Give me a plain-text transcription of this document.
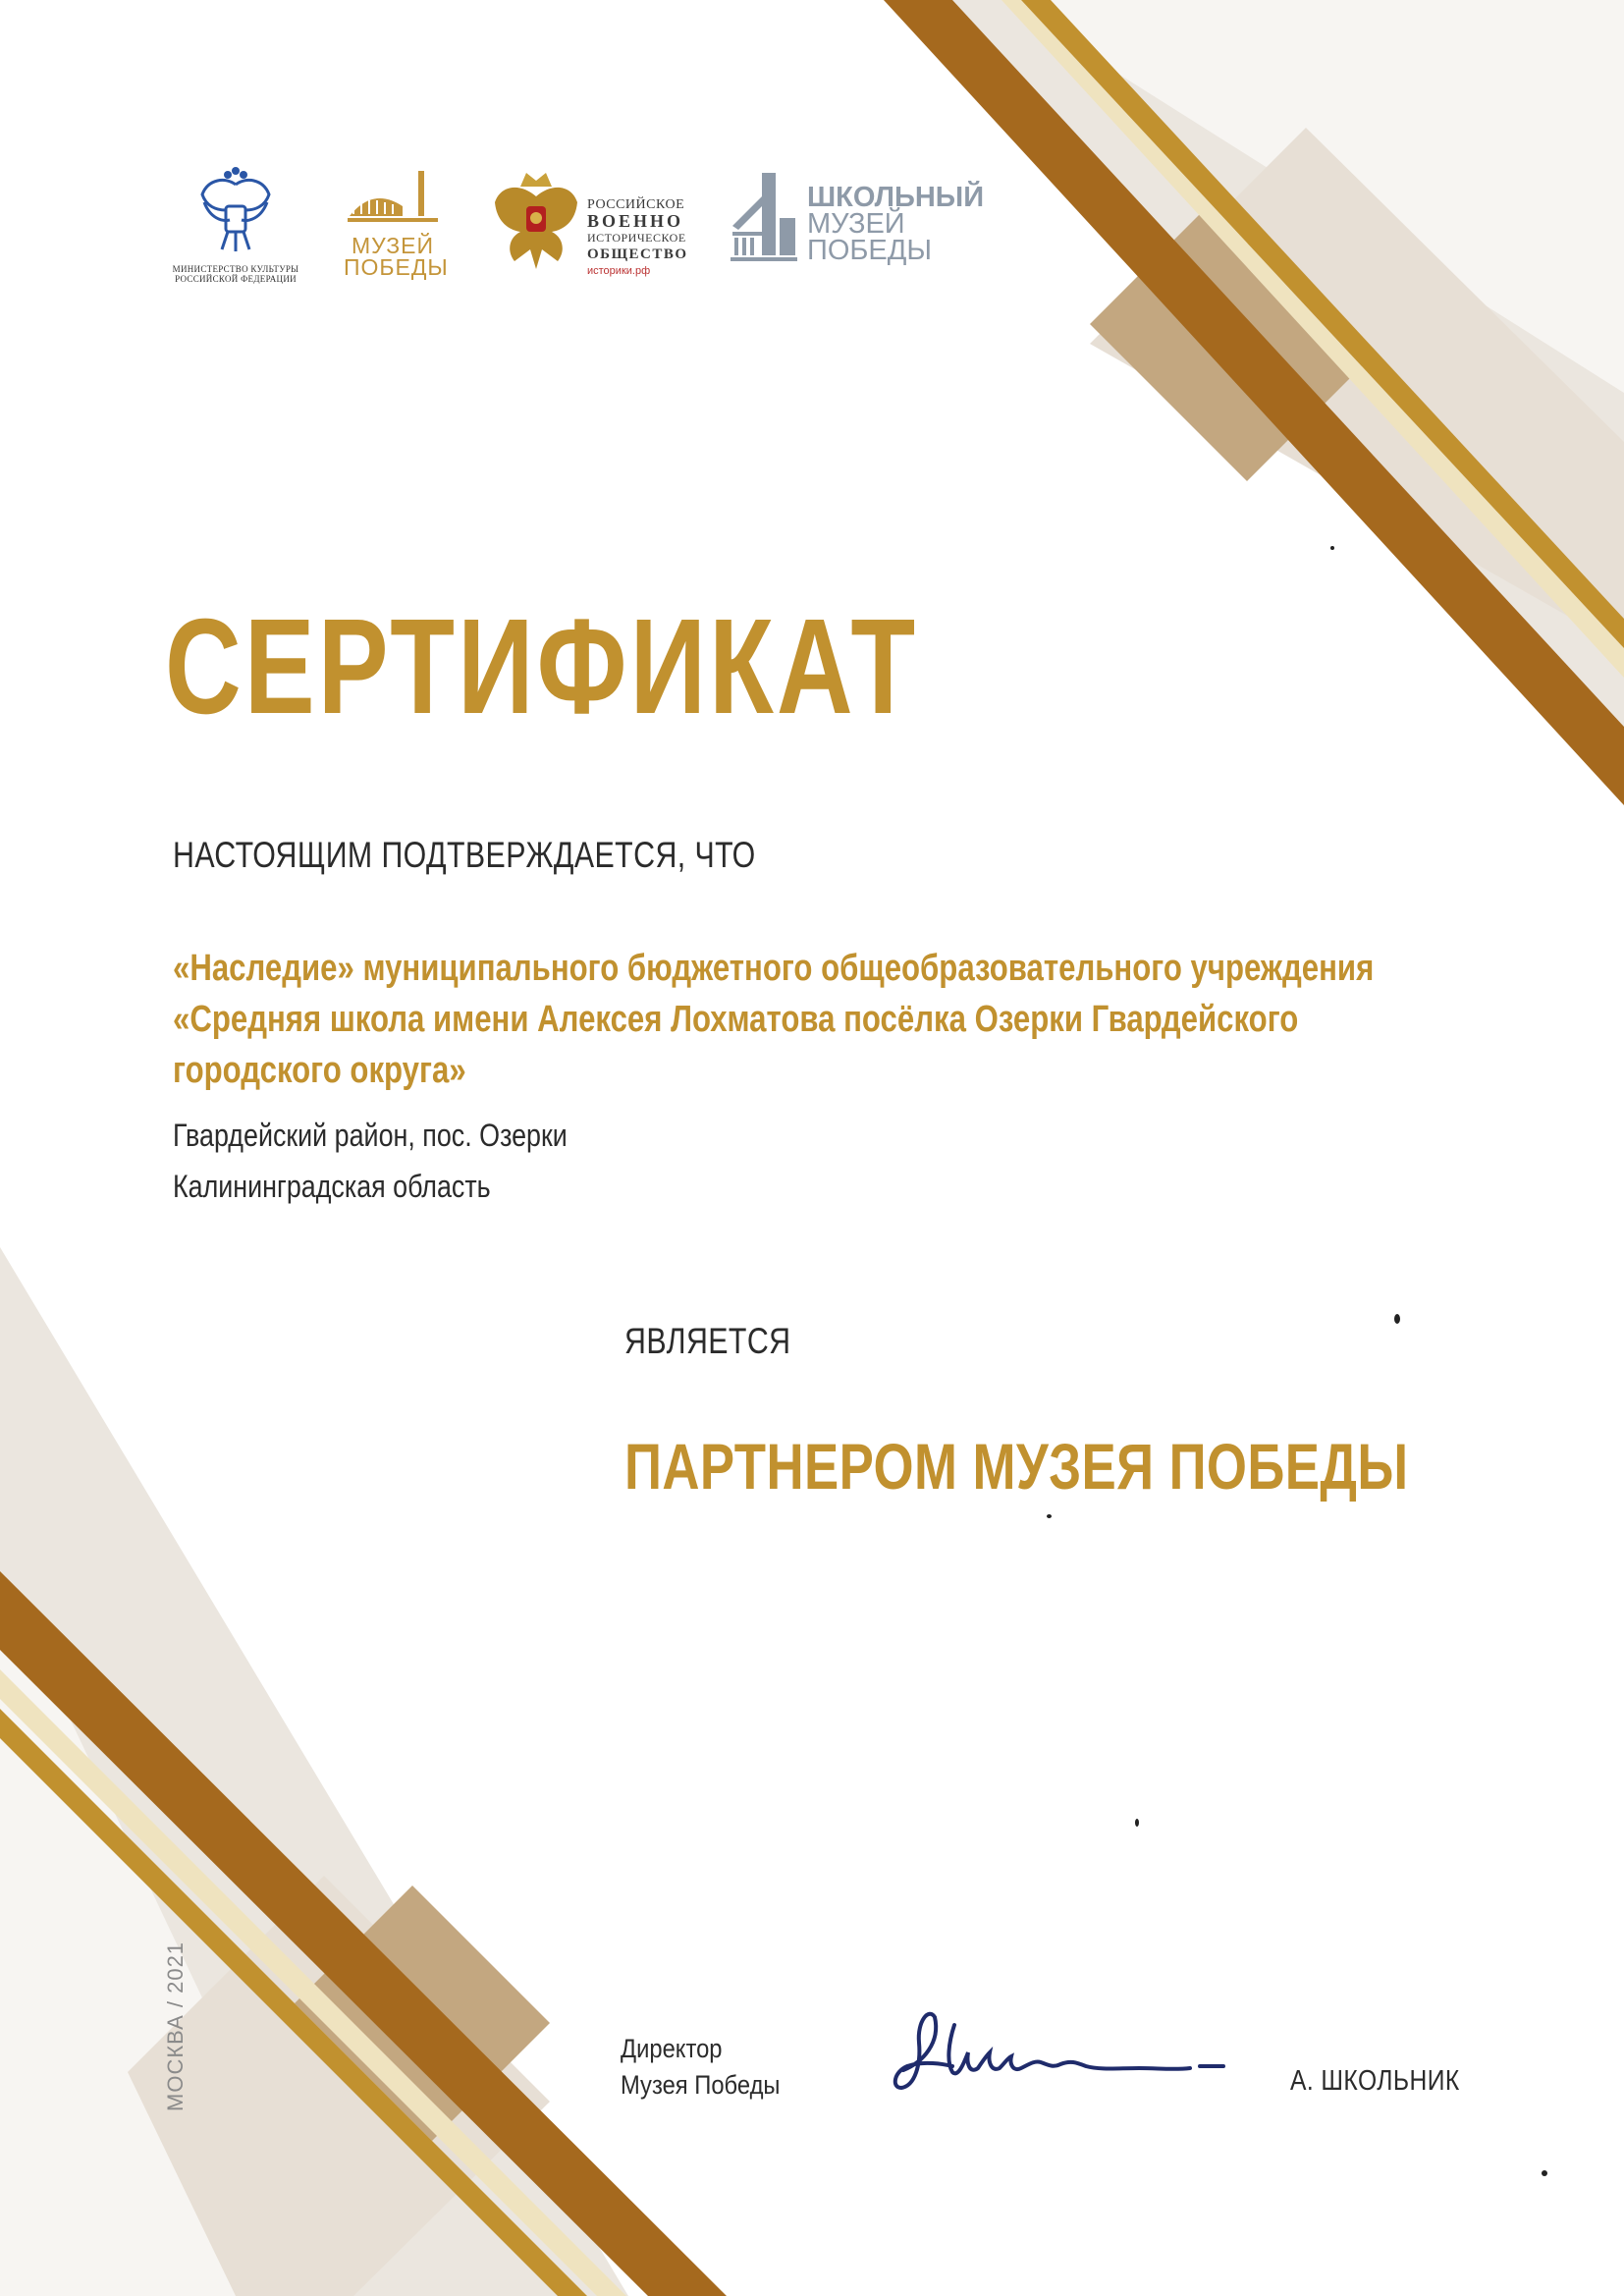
МИНИСТЕРСТВО КУЛЬТУРЫ
РОССИЙСКОЙ ФЕДЕРАЦИИ
МУЗЕЙ
ПОБЕДЫ
РОССИЙСКОЕ
ВОЕННО
ИСТОРИЧЕСКОЕ
ОБЩЕСТВО
историки.рф
ШКОЛЬНЫЙ
МУЗЕЙ
ПОБЕДЫ
СЕРТИФИКАТ
НАСТОЯЩИМ ПОДТВЕРЖДАЕТСЯ, ЧТО
«Наследие» муниципального бюджетного общеобразовательного учреждения
«Средняя школа имени Алексея Лохматова посёлка Озерки Гвардейского
городского округа»
Гвардейский район, пос. Озерки
Калининградская область
ЯВЛЯЕТСЯ
ПАРТНЕРОМ МУЗЕЯ ПОБЕДЫ
МОСКВА / 2021	Директор
Музея Победы	А. ШКОЛЬНИК
